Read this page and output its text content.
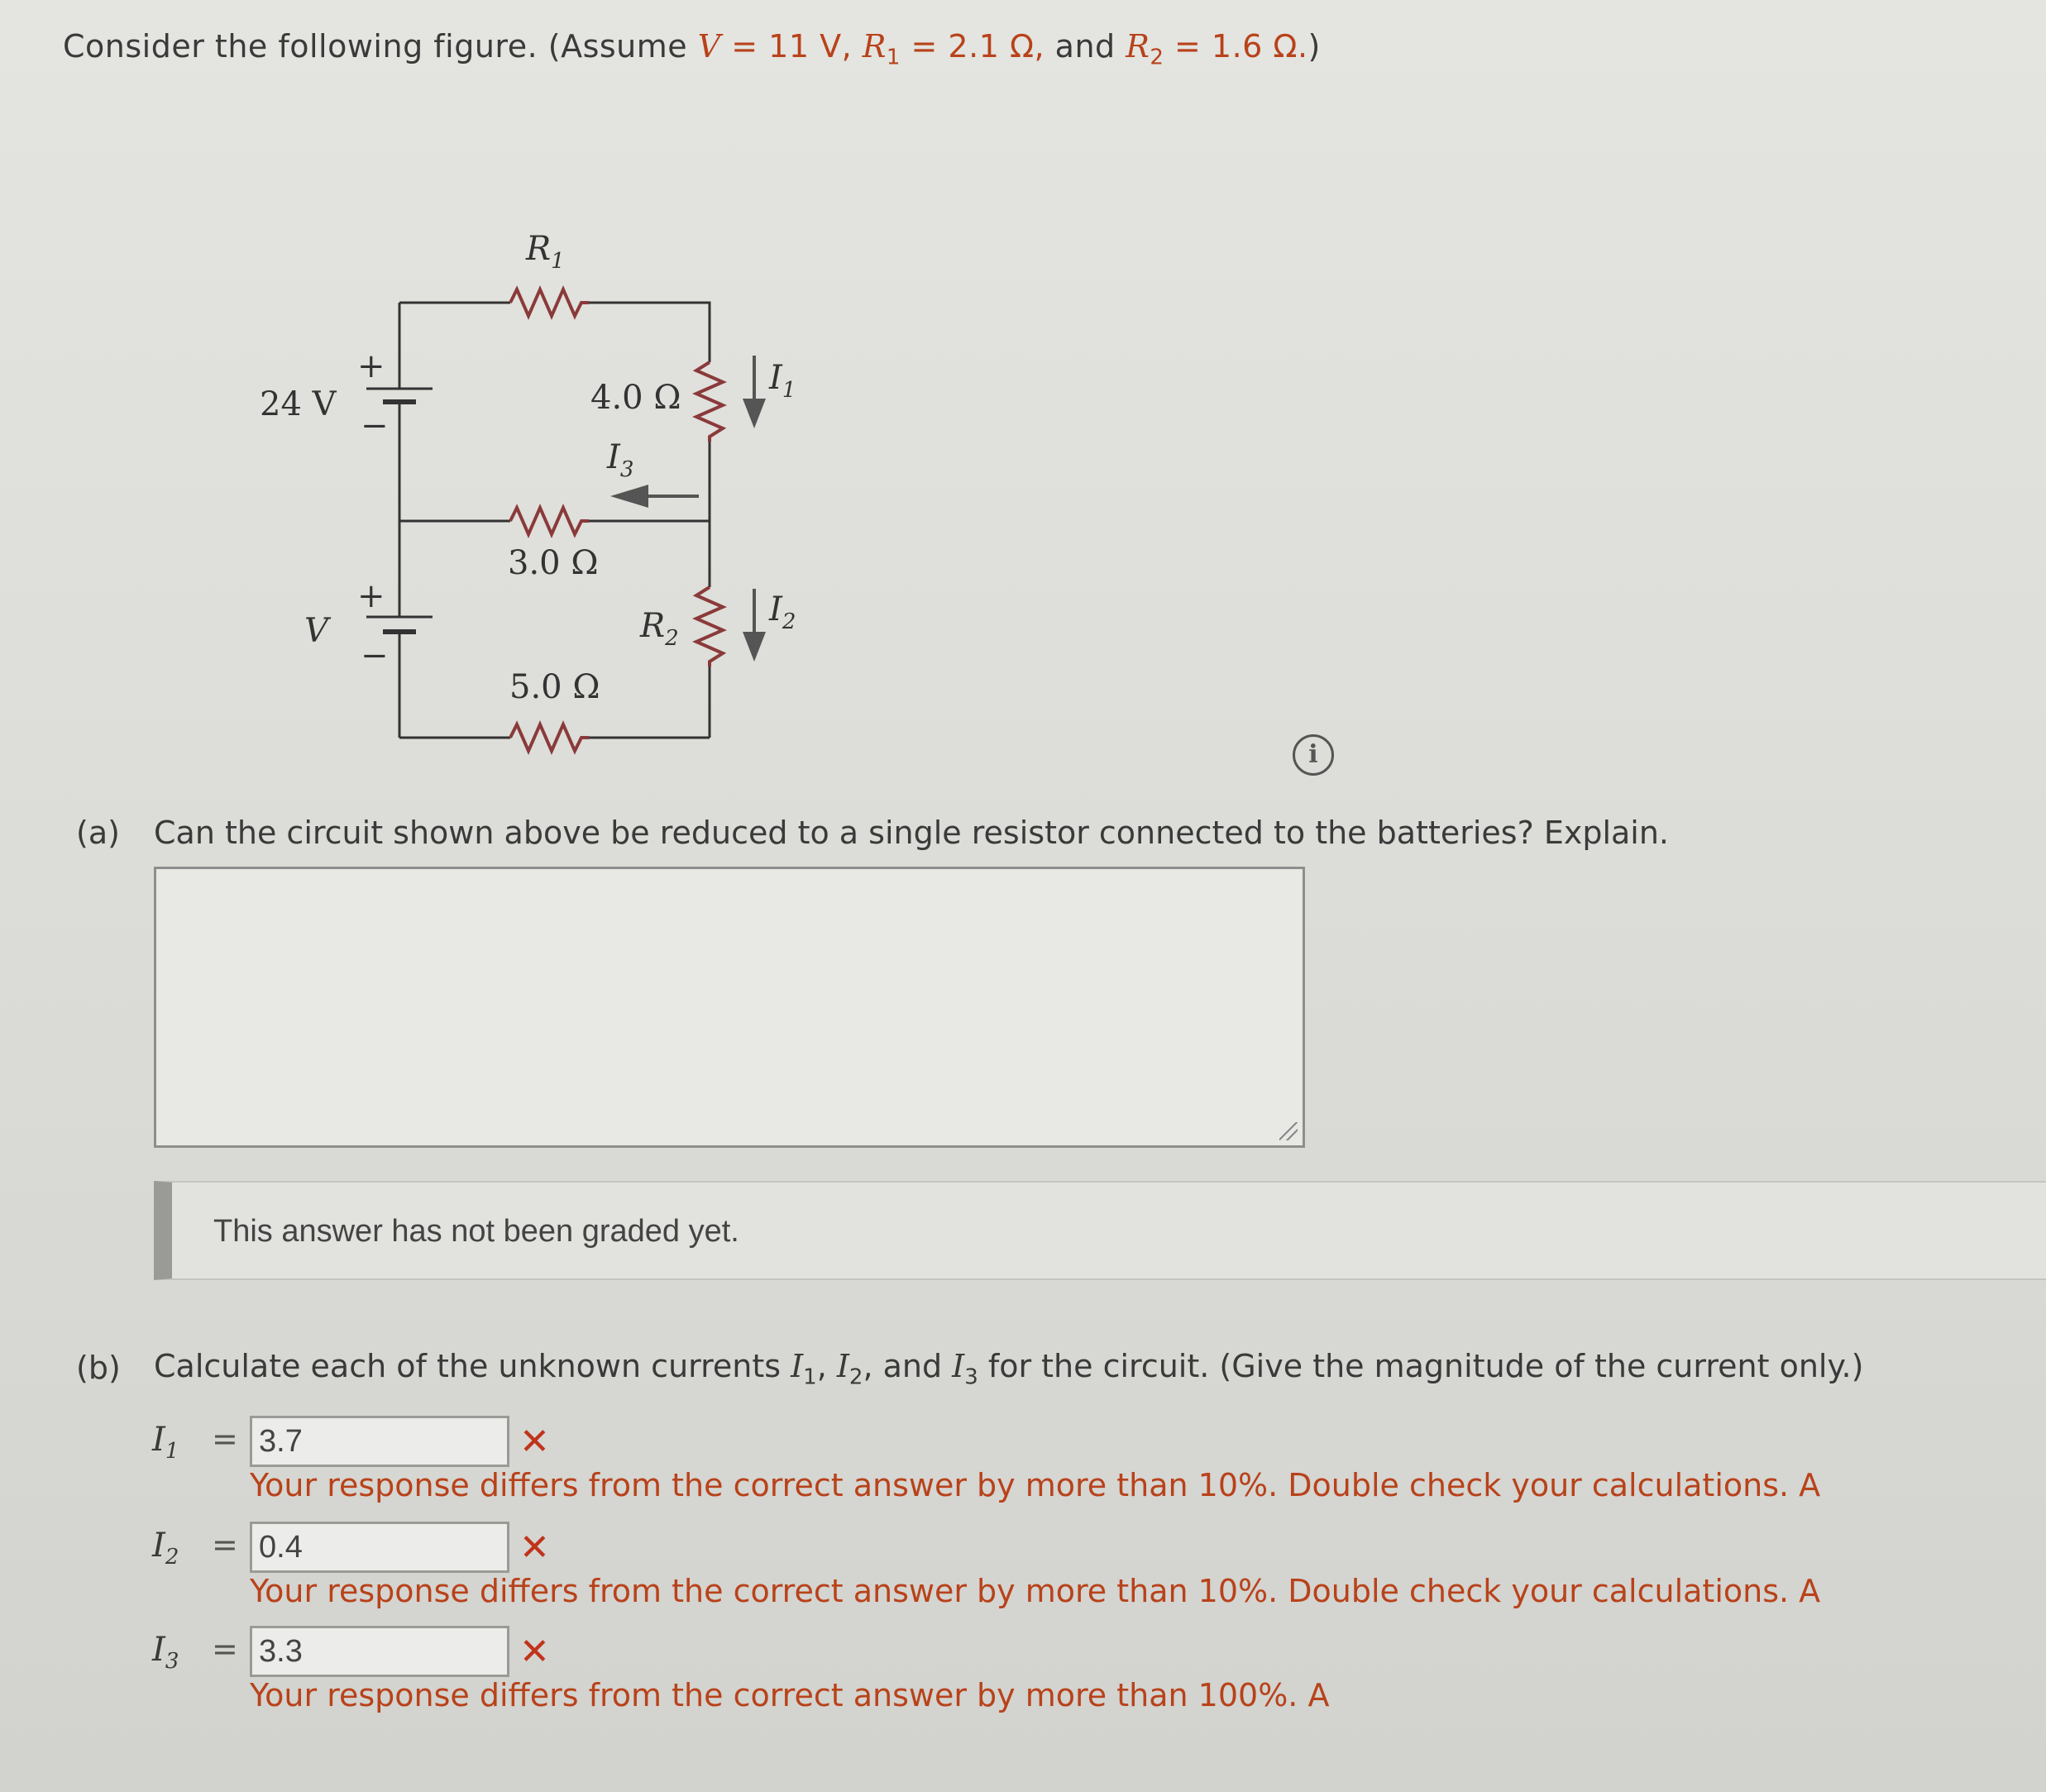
Consider the following figure. (Assume V = 11 V, $R_1 = 2.1$ Ω, and $R_2 = 1.6$ Ω.)
24 V
+
−
V
+
−
$R_1$
4.0 Ω
3.0 Ω
5.0 Ω
$R_2$
$I_1$
$I_2$
$I_3$
i
(a) Can the circuit shown above be reduced to a single resistor connected to the batteries? Explain.
This answer has not been graded yet.
(b) Calculate each of the unknown currents $I_1$, $I_2$, and $I_3$ for the circuit. (Give the magnitude of the current only.)
$I_1 = 3.7$	✕
Your response differs from the correct answer by more than 10%. Double check your calculations. A
$I_2 = 0.4$	✕
Your response differs from the correct answer by more than 10%. Double check your calculations. A
$I_3 = 3.3$	✕
Your response differs from the correct answer by more than 100%. A
